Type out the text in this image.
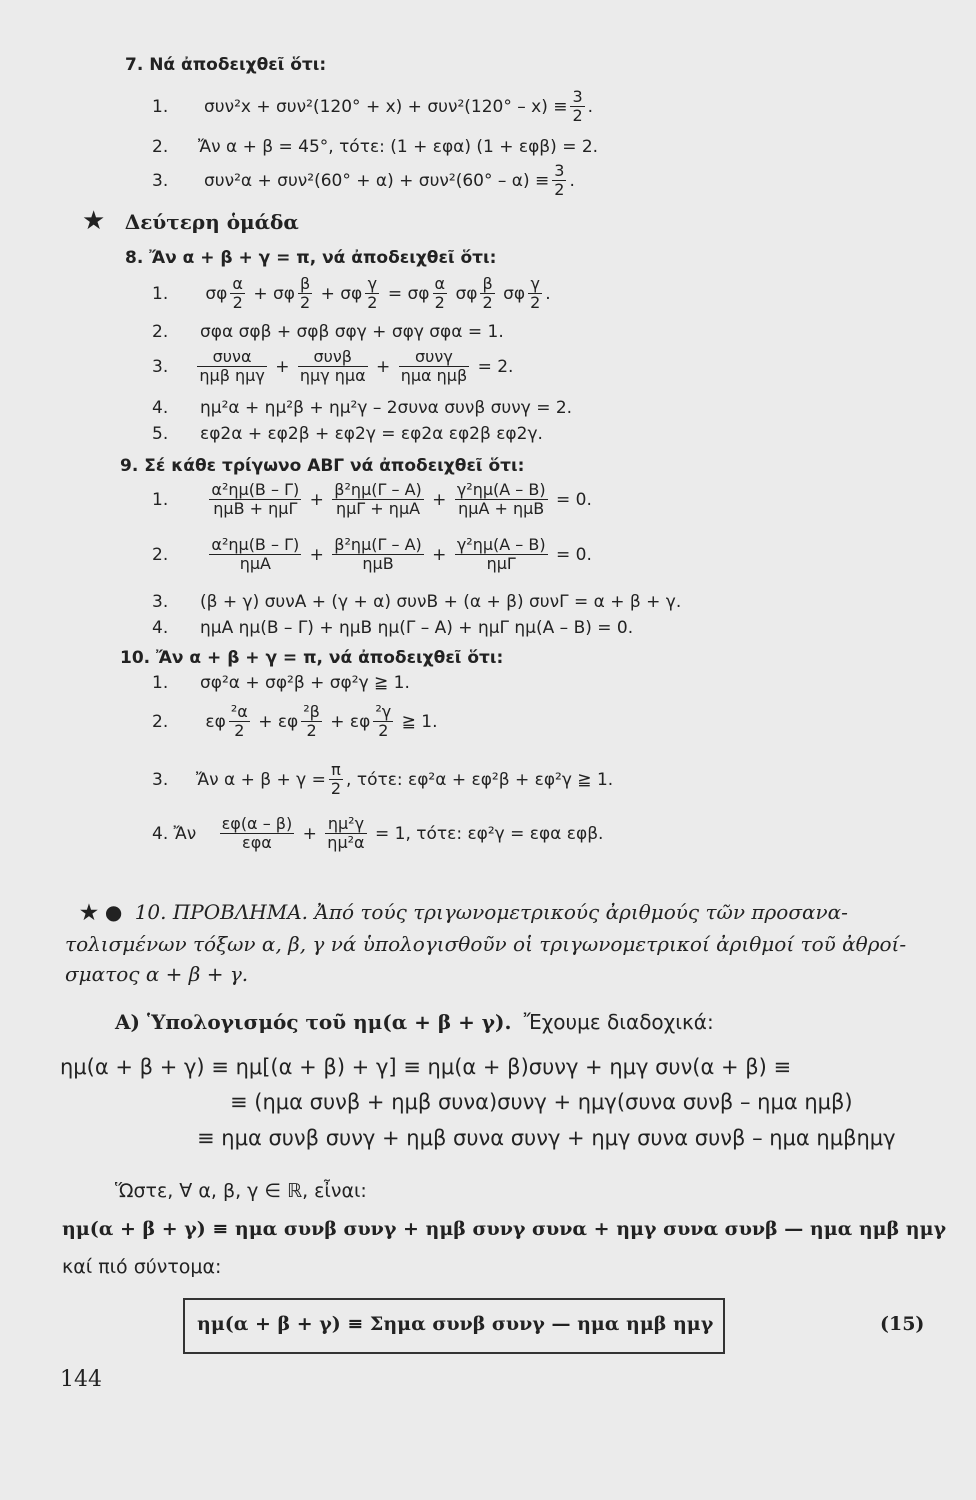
7. Νά ἀποδειχθεῖ ὅτι:
1. $\sigma\upsilon\nu^2x + \sigma\upsilon\nu^2(120^\circ + x) + \sigma\upsilon\nu^2(120^\circ - x) \equiv \frac{3}{2}$ .
2. Ἄν α + β = 45°, τότε: (1 + εφα) (1 + εφβ) = 2.
3. $\sigma\upsilon\nu^2\alpha + \sigma\upsilon\nu^2(60^\circ + \alpha) + \sigma\upsilon\nu^2(60^\circ - \alpha) \equiv \frac{3}{2}$ .
★ Δεύτερη ὁμάδα
8. Ἄν α + β + γ = π, νά ἀποδειχθεῖ ὅτι:
1. σφ $\frac{\alpha}{2} + \sigma\varphi \frac{\beta}{2} + \sigma\varphi \frac{\gamma}{2} = \sigma\varphi \frac{\alpha}{2}$ σφ $\frac{\beta}{2}$ σφ $\frac{\gamma}{2}$ .
2. σφα σφβ + σφβ σφγ + σφγ σφα = 1.
3. $\frac{\text{συνα}}{\text{ημβ ημγ}} + \frac{\text{συνβ}}{\text{ημγ ημα}} + \frac{\text{συνγ}}{\text{ημα ημβ}} = 2$.
4. ημ²α + ημ²β + ημ²γ – 2συνα συνβ συνγ = 2.
5. εφ2α + εφ2β + εφ2γ = εφ2α εφ2β εφ2γ.
9. Σέ κάθε τρίγωνο ΑΒΓ νά ἀποδειχθεῖ ὅτι:
1.	$\frac{\text{α²ημ(Β – Γ)}}{\text{ημΒ + ημΓ}} + \frac{\text{β²ημ(Γ – Α)}}{\text{ημΓ + ημΑ}} + \frac{\text{γ²ημ(Α – Β)}}{\text{ημΑ + ημΒ}} = 0$.
2.	$\frac{\text{α²ημ(Β – Γ)}}{\text{ημΑ}} + \frac{\text{β²ημ(Γ – Α)}}{\text{ημΒ}} + \frac{\text{γ²ημ(Α – Β)}}{\text{ημΓ}} = 0$.
3. (β + γ) συνΑ + (γ + α) συνΒ + (α + β) συνΓ = α + β + γ.
4. ημΑ ημ(Β – Γ) + ημΒ ημ(Γ – Α) + ημΓ ημ(Α – Β) = 0.
10. Ἄν α + β + γ = π, νά ἀποδειχθεῖ ὅτι:
1. σφ²α + σφ²β + σφ²γ ≧ 1.
2. εφ $\frac{\text{²α}}{2} + \varepsilon\varphi \frac{\text{²β}}{2} + \varepsilon\varphi \frac{\text{²γ}}{2}$ ≧ 1.
3. Ἄν $\alpha + \beta + \gamma = \frac{\pi}{2}$ , τότε: εφ²α + εφ²β + εφ²γ ≧ 1.
4. Ἄν $\frac{\varepsilon\varphi(\alpha - \beta)}{\text{εφα}} + \frac{\text{ημ²γ}}{\text{ημ²α}} = 1$, τότε: εφ²γ = εφα εφβ.
★ ● 10. ΠΡΟΒΛΗΜΑ. Ἀπό τούς τριγωνομετρικούς ἀριθμούς τῶν προσανα-
τολισμένων τόξων α, β, γ νά ὑπολογισθοῦν οἱ τριγωνομετρικοί ἀριθμοί τοῦ ἀθροί-
σματος α + β + γ.
Α) Ὑπολογισμός τοῦ ημ(α + β + γ). Ἔχουμε διαδοχικά:
ημ(α + β + γ) ≡ ημ[(α + β) + γ] ≡ ημ(α + β)συνγ + ημγ συν(α + β) ≡
≡ (ημα συνβ + ημβ συνα)συνγ + ημγ(συνα συνβ – ημα ημβ)
≡ ημα συνβ συνγ + ημβ συνα συνγ + ημγ συνα συνβ – ημα ημβημγ
Ὥστε, ∀ α, β, γ ∈ ℝ, εἶναι:
ημ(α + β + γ) ≡ ημα συνβ συνγ + ημβ συνγ συνα + ημγ συνα συνβ — ημα ημβ ημγ
καί πιό σύντομα:
ημ(α + β + γ) ≡ Σημα συνβ συνγ — ημα ημβ ημγ	(15)
144
